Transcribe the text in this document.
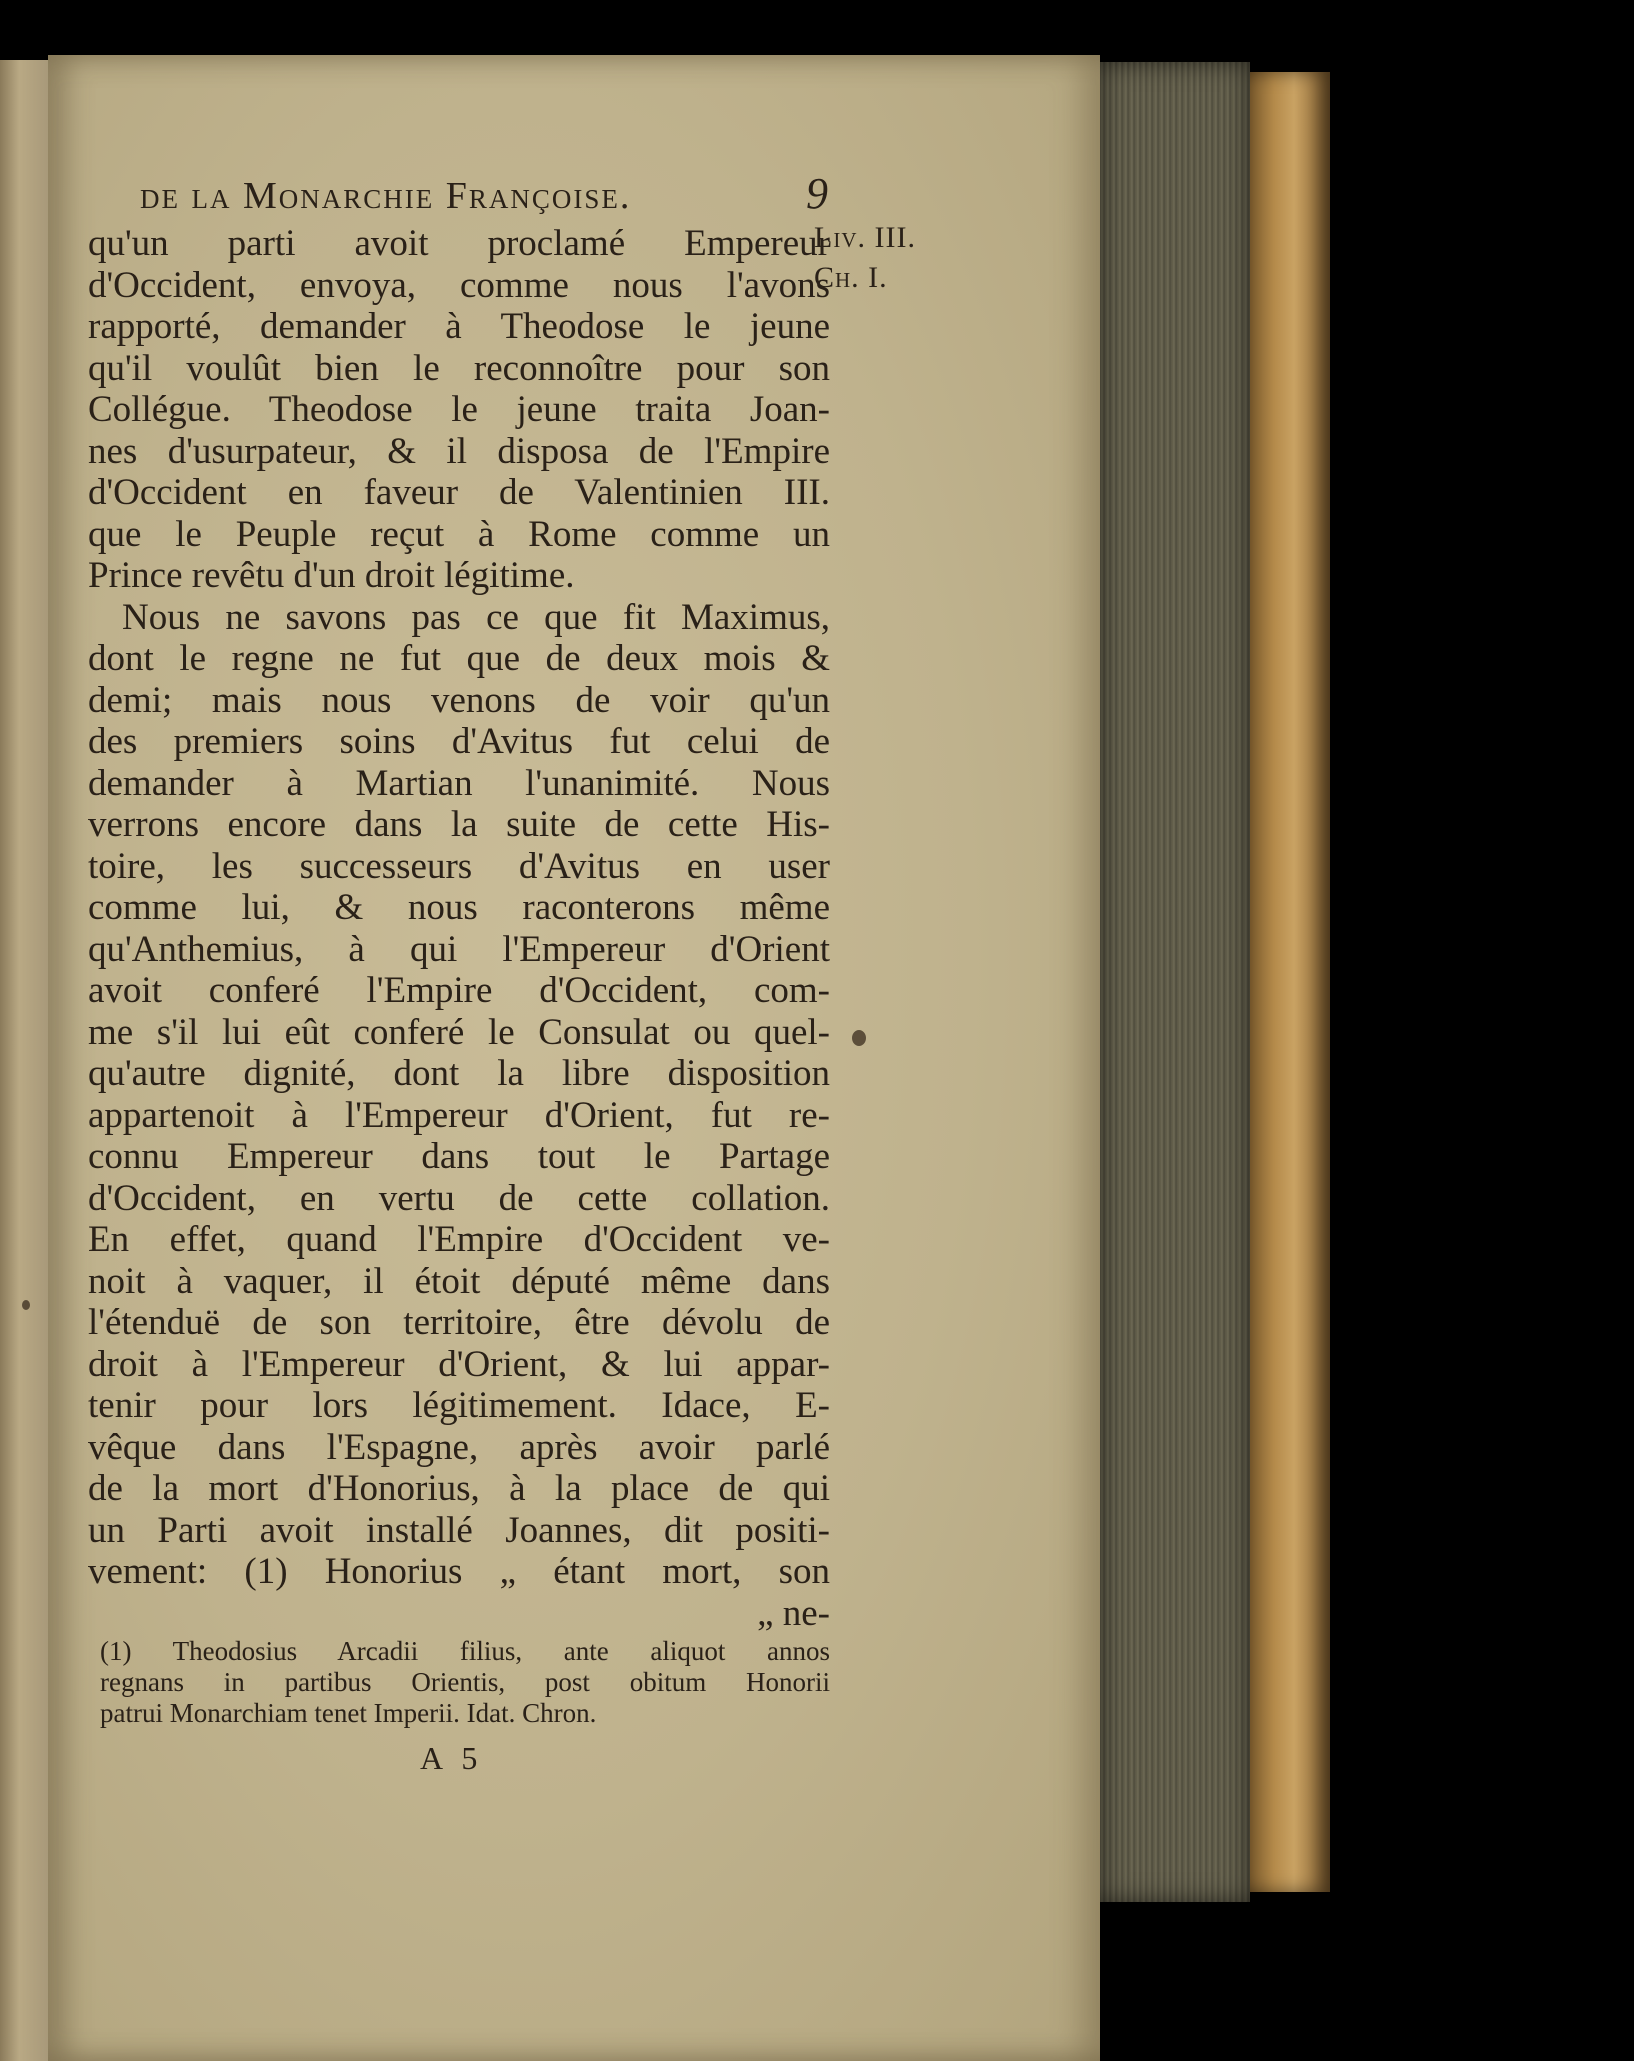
de la Monarchie Françoise.	9
qu'un parti avoit proclamé Empereur
d'Occident, envoya, comme nous l'avons
rapporté, demander à Theodose le jeune
qu'il voulût bien le reconnoître pour son
Collégue. Theodose le jeune traita Joan-
nes d'usurpateur, & il disposa de l'Empire
d'Occident en faveur de Valentinien III.
que le Peuple reçut à Rome comme un
Prince revêtu d'un droit légitime.
Nous ne savons pas ce que fit Maximus,
dont le regne ne fut que de deux mois &
demi; mais nous venons de voir qu'un
des premiers soins d'Avitus fut celui de
demander à Martian l'unanimité. Nous
verrons encore dans la suite de cette His-
toire, les successeurs d'Avitus en user
comme lui, & nous raconterons même
qu'Anthemius, à qui l'Empereur d'Orient
avoit conferé l'Empire d'Occident, com-
me s'il lui eût conferé le Consulat ou quel-
qu'autre dignité, dont la libre disposition
appartenoit à l'Empereur d'Orient, fut re-
connu Empereur dans tout le Partage
d'Occident, en vertu de cette collation.
En effet, quand l'Empire d'Occident ve-
noit à vaquer, il étoit député même dans
l'étenduë de son territoire, être dévolu de
droit à l'Empereur d'Orient, & lui appar-
tenir pour lors légitimement. Idace, E-
vêque dans l'Espagne, après avoir parlé
de la mort d'Honorius, à la place de qui
un Parti avoit installé Joannes, dit positi-
vement: (1) Honorius „ étant mort, son
„ ne-
Liv. III.
Ch. I.
(1) Theodosius Arcadii filius, ante aliquot annos
regnans in partibus Orientis, post obitum Honorii
patrui Monarchiam tenet Imperii. Idat. Chron.
A 5
